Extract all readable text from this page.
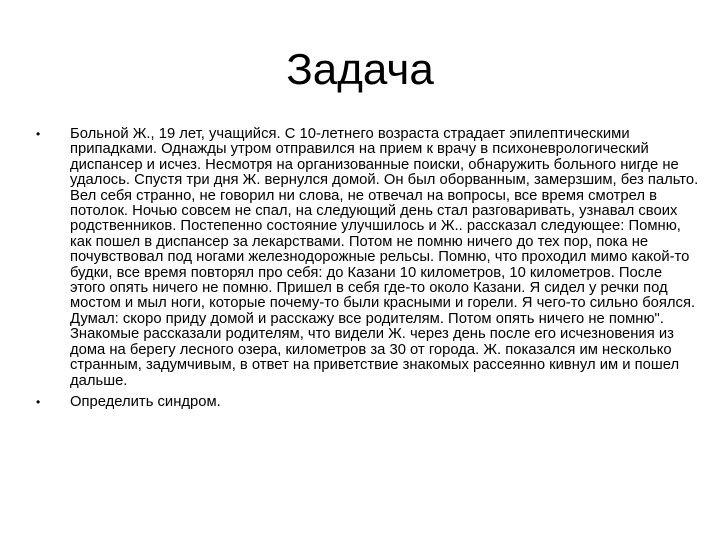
Задача
• Больной Ж., 19 лет, учащийся. С 10-летнего возраста страдает эпилептическими припадками. Однажды утром отправился на прием к врачу в психоневрологический диспансер и исчез. Несмотря на организованные поиски, обнаружить больного нигде не удалось. Спустя три дня Ж. вернулся домой. Он был оборванным, замерзшим, без пальто. Вел себя странно, не говорил ни слова, не отвечал на вопросы, все время смотрел в потолок. Ночью совсем не спал, на следующий день стал разговаривать, узнавал своих родственников. Постепенно состояние улучшилось и Ж.. рассказал следующее: Помню, как пошел в диспансер за лекарствами. Потом не помню ничего до тех пор, пока не почувствовал под ногами железнодорожные рельсы. Помню, что проходил мимо какой-то будки, все время повторял про себя: до Казани 10 километров, 10 километров. После этого опять ничего не помню. Пришел в себя где-то около Казани. Я сидел у речки под мостом и мыл ноги, которые почему-то были красными и горели. Я чего-то сильно боялся. Думал: скоро приду домой и расскажу все родителям. Потом опять ничего не помню". Знакомые рассказали родителям, что видели Ж. через день после его исчезновения из дома на берегу лесного озера, километров за 30 от города. Ж. показался им несколько странным, задумчивым, в ответ на приветствие знакомых рассеянно кивнул им и пошел дальше.
• Определить синдром.
